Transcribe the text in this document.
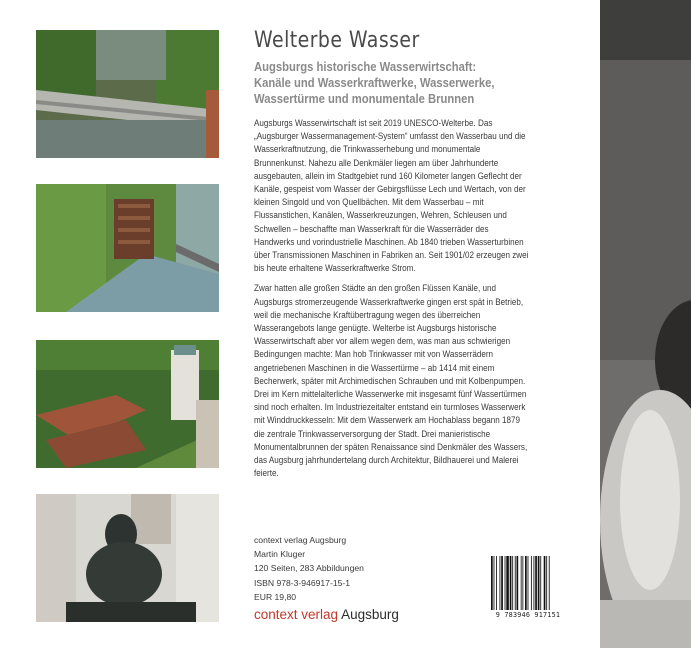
Welterbe Wasser
Augsburgs historische Wasserwirtschaft:
Kanäle und Wasserkraftwerke, Wasserwerke,
Wassertürme und monumentale Brunnen

Augsburgs Wasserwirtschaft ist seit 2019 UNESCO-Welterbe. Das „Augsburger Wassermanagement-System“ umfasst den Wasserbau und die Wasserkraftnutzung, die Trinkwasserhebung und monumentale Brunnenkunst. Nahezu alle Denkmäler liegen am über Jahrhunderte ausgebauten, allein im Stadtgebiet rund 160 Kilometer langen Geflecht der Kanäle, gespeist vom Wasser der Gebirgsflüsse Lech und Wertach, von der kleinen Singold und von Quellbächen. Mit dem Wasserbau – mit Flussanstichen, Kanälen, Wasserkreuzungen, Wehren, Schleusen und Schwellen – beschaffte man Wasserkraft für die Wasserräder des Handwerks und vorindustrielle Maschinen. Ab 1840 trieben Wasserturbinen über Transmissionen Maschinen in Fabriken an. Seit 1901/02 erzeugen zwei bis heute erhaltene Wasserkraftwerke Strom.

Zwar hatten alle großen Städte an den großen Flüssen Kanäle, und Augsburgs stromerzeugende Wasserkraftwerke gingen erst spät in Betrieb, weil die mechanische Kraftübertragung wegen des überreichen Wasserangebots lange genügte. Welterbe ist Augsburgs historische Wasserwirtschaft aber vor allem wegen dem, was man aus schwierigen Bedingungen machte: Man hob Trinkwasser mit von Wasserrädern angetriebenen Maschinen in die Wassertürme – ab 1414 mit einem Becherwerk, später mit Archimedischen Schrauben und mit Kolbenpumpen. Drei im Kern mittelalterliche Wasserwerke mit insgesamt fünf Wassertürmen sind noch erhalten. Im Industriezeitalter entstand ein turmloses Wasserwerk mit Winddruckkesseln: Mit dem Wasserwerk am Hochablass begann 1879 die zentrale Trinkwasserversorgung der Stadt. Drei manieristische Monumentalbrunnen der späten Renaissance sind Denkmäler des Wassers, das Augsburg jahrhundertelang durch Architektur, Bildhauerei und Malerei feierte.

context verlag Augsburg
Martin Kluger
120 Seiten, 283 Abbildungen
ISBN 978-3-946917-15-1
EUR 19,80
context verlag Augsburg	9 783946 917151
